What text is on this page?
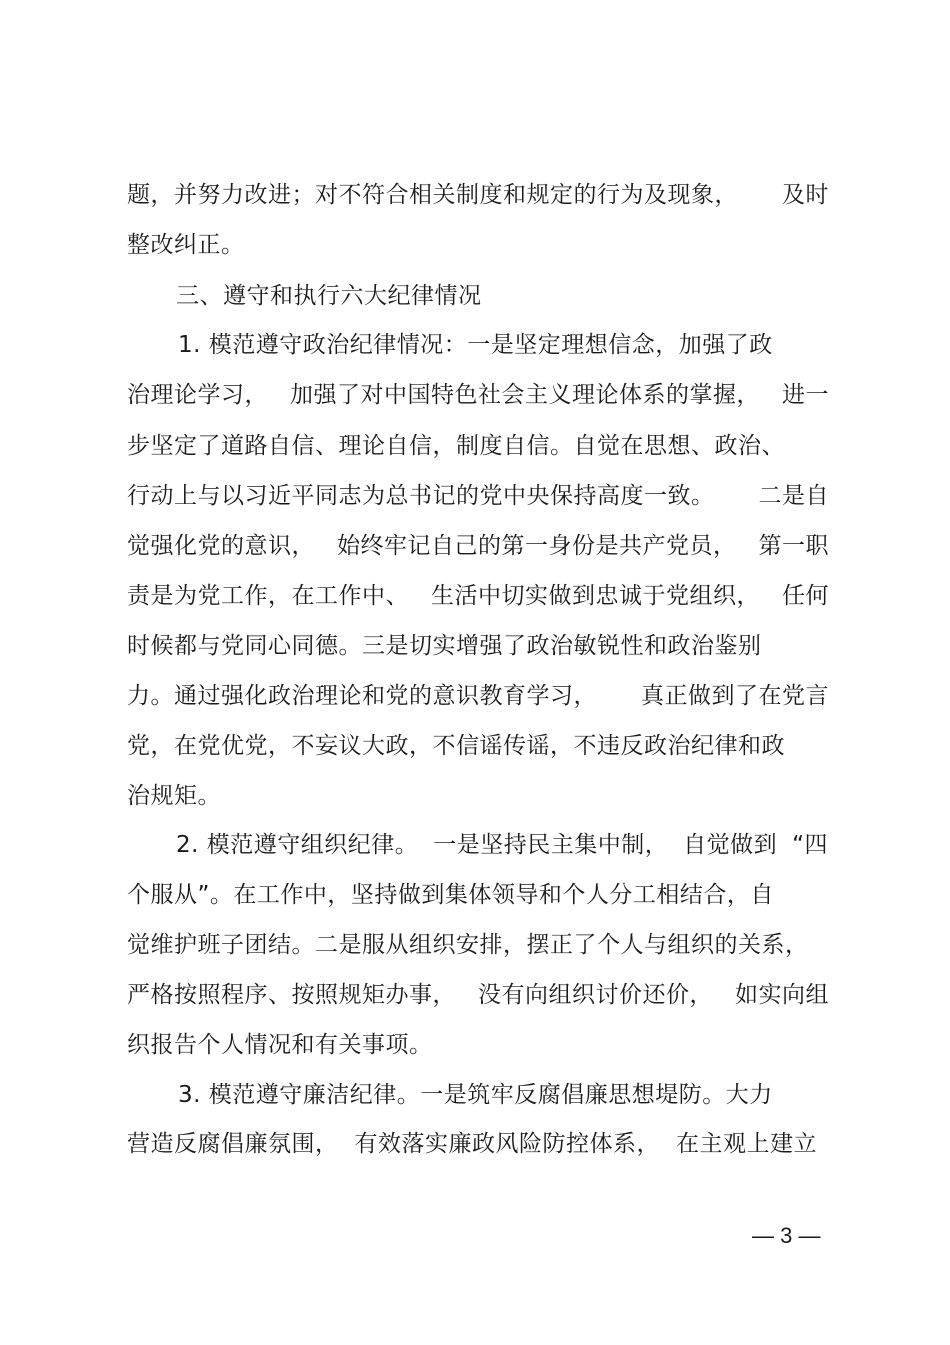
题，并努力改进；对不符合相关制度和规定的行为及现象， 及时
整改纠正。
三、遵守和执行六大纪律情况
1. 模范遵守政治纪律情况：一是坚定理想信念，加强了政
治理论学习， 加强了对中国特色社会主义理论体系的掌握， 进一
步坚定了道路自信、理论自信，制度自信。自觉在思想、政治、
行动上与以习近平同志为总书记的党中央保持高度一致。 二是自
觉强化党的意识， 始终牢记自己的第一身份是共产党员， 第一职
责是为党工作，在工作中、 生活中切实做到忠诚于党组织， 任何
时候都与党同心同德。三是切实增强了政治敏锐性和政治鉴别
力。通过强化政治理论和党的意识教育学习， 真正做到了在党言
党，在党优党，不妄议大政，不信谣传谣，不违反政治纪律和政
治规矩。
2. 模范遵守组织纪律。 一是坚持民主集中制， 自觉做到 “四
个服从”。在工作中，坚持做到集体领导和个人分工相结合，自
觉维护班子团结。 二是服从组织安排， 摆正了个人与组织的关系，
严格按照程序、按照规矩办事， 没有向组织讨价还价， 如实向组
织报告个人情况和有关事项。
3. 模范遵守廉洁纪律。一是筑牢反腐倡廉思想堤防。大力
营造反腐倡廉氛围， 有效落实廉政风险防控体系， 在主观上建立
— 3 —
